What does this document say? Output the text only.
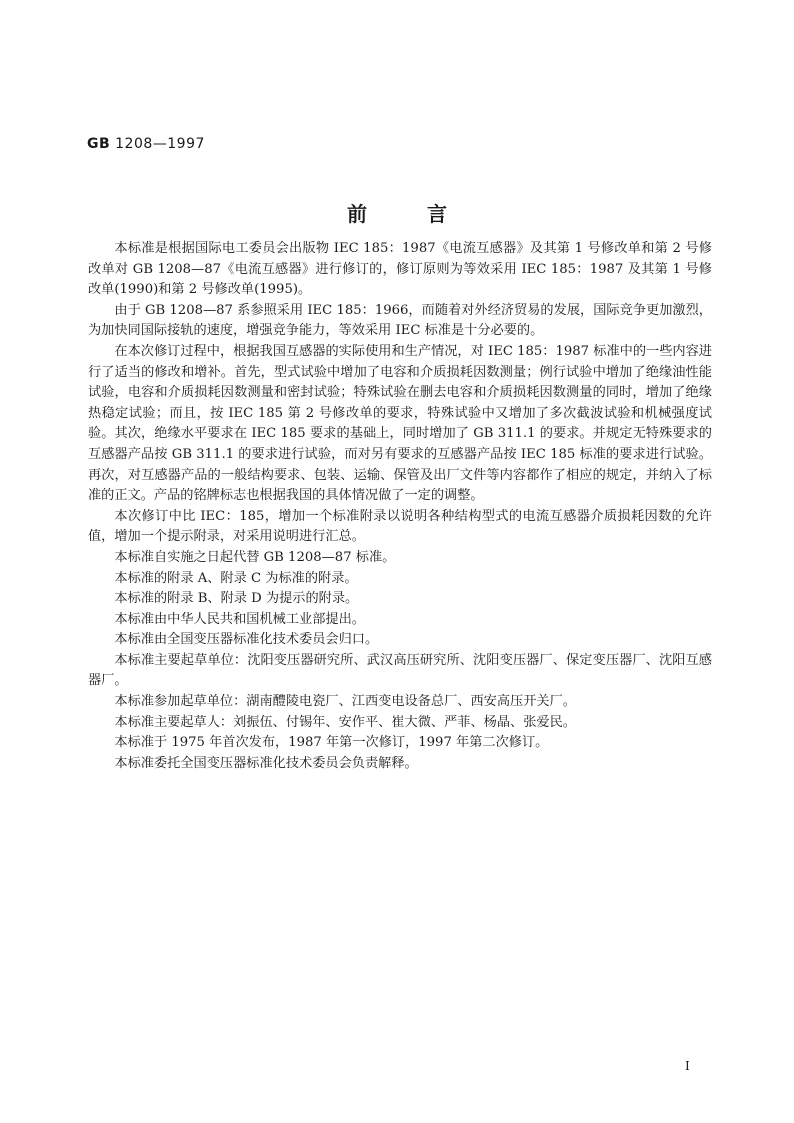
GB 1208—1997
前	言

本标准是根据国际电工委员会出版物 IEC 185：1987《电流互感器》及其第 1 号修改单和第 2 号修改单对 GB 1208—87《电流互感器》进行修订的，修订原则为等效采用 IEC 185：1987 及其第 1 号修改单(1990)和第 2 号修改单(1995)。

由于 GB 1208—87 系参照采用 IEC 185：1966，而随着对外经济贸易的发展，国际竞争更加激烈，为加快同国际接轨的速度，增强竞争能力，等效采用 IEC 标准是十分必要的。

在本次修订过程中，根据我国互感器的实际使用和生产情况，对 IEC 185：1987 标准中的一些内容进行了适当的修改和增补。首先，型式试验中增加了电容和介质损耗因数测量；例行试验中增加了绝缘油性能试验，电容和介质损耗因数测量和密封试验；特殊试验在删去电容和介质损耗因数测量的同时，增加了绝缘热稳定试验；而且，按 IEC 185 第 2 号修改单的要求，特殊试验中又增加了多次截波试验和机械强度试验。其次，绝缘水平要求在 IEC 185 要求的基础上，同时增加了 GB 311.1 的要求。并规定无特殊要求的互感器产品按 GB 311.1 的要求进行试验，而对另有要求的互感器产品按 IEC 185 标准的要求进行试验。再次，对互感器产品的一般结构要求、包装、运输、保管及出厂文件等内容都作了相应的规定，并纳入了标准的正文。产品的铭牌标志也根据我国的具体情况做了一定的调整。

本次修订中比 IEC：185，增加一个标准附录以说明各种结构型式的电流互感器介质损耗因数的允许值，增加一个提示附录，对采用说明进行汇总。

本标准自实施之日起代替 GB 1208—87 标准。

本标准的附录 A、附录 C 为标准的附录。

本标准的附录 B、附录 D 为提示的附录。

本标准由中华人民共和国机械工业部提出。

本标准由全国变压器标准化技术委员会归口。

本标准主要起草单位：沈阳变压器研究所、武汉高压研究所、沈阳变压器厂、保定变压器厂、沈阳互感器厂。

本标准参加起草单位：湖南醴陵电瓷厂、江西变电设备总厂、西安高压开关厂。

本标准主要起草人：刘振伍、付锡年、安作平、崔大微、严菲、杨晶、张爱民。

本标准于 1975 年首次发布，1987 年第一次修订，1997 年第二次修订。

本标准委托全国变压器标准化技术委员会负责解释。

I
